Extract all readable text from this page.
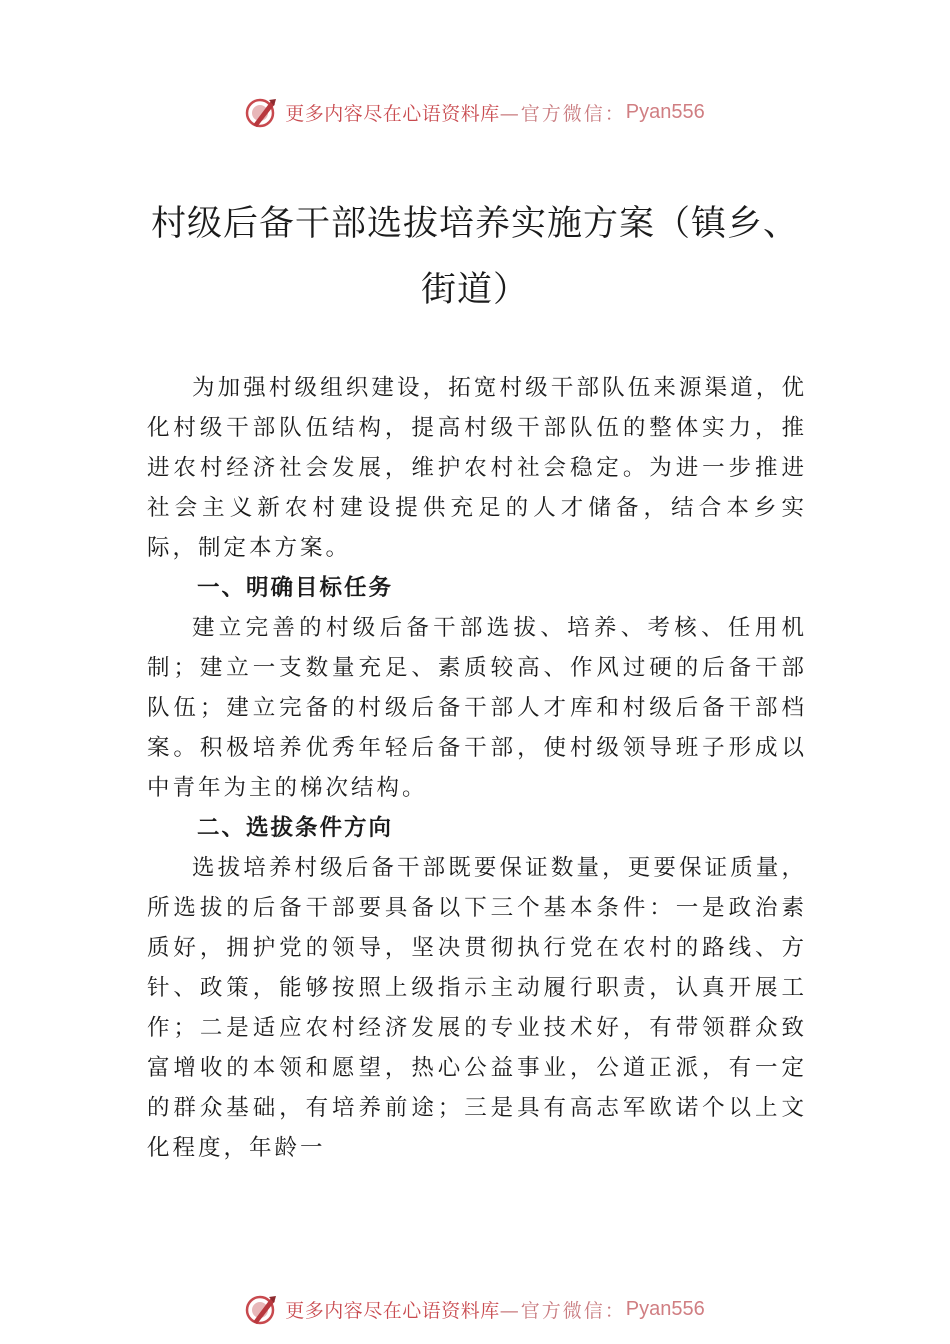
更多内容尽在心语资料库 —官方微信： Pyan556
村级后备干部选拔培养实施方案（镇乡、
街道）

为加强村级组织建设，拓宽村级干部队伍来源渠道，优化村级干部队伍结构，提高村级干部队伍的整体实力，推进农村经济社会发展，维护农村社会稳定。为进一步推进社会主义新农村建设提供充足的人才储备，结合本乡实际，制定本方案。

一、明确目标任务

建立完善的村级后备干部选拔、培养、考核、任用机制；建立一支数量充足、素质较高、作风过硬的后备干部队伍；建立完备的村级后备干部人才库和村级后备干部档案。积极培养优秀年轻后备干部，使村级领导班子形成以中青年为主的梯次结构。

二、选拔条件方向

选拔培养村级后备干部既要保证数量，更要保证质量，所选拔的后备干部要具备以下三个基本条件：一是政治素质好，拥护党的领导，坚决贯彻执行党在农村的路线、方针、政策，能够按照上级指示主动履行职责，认真开展工作；二是适应农村经济发展的专业技术好，有带领群众致富增收的本领和愿望，热心公益事业，公道正派，有一定的群众基础，有培养前途；三是具有高志军欧诺个以上文化程度，年龄一

更多内容尽在心语资料库 —官方微信： Pyan556
